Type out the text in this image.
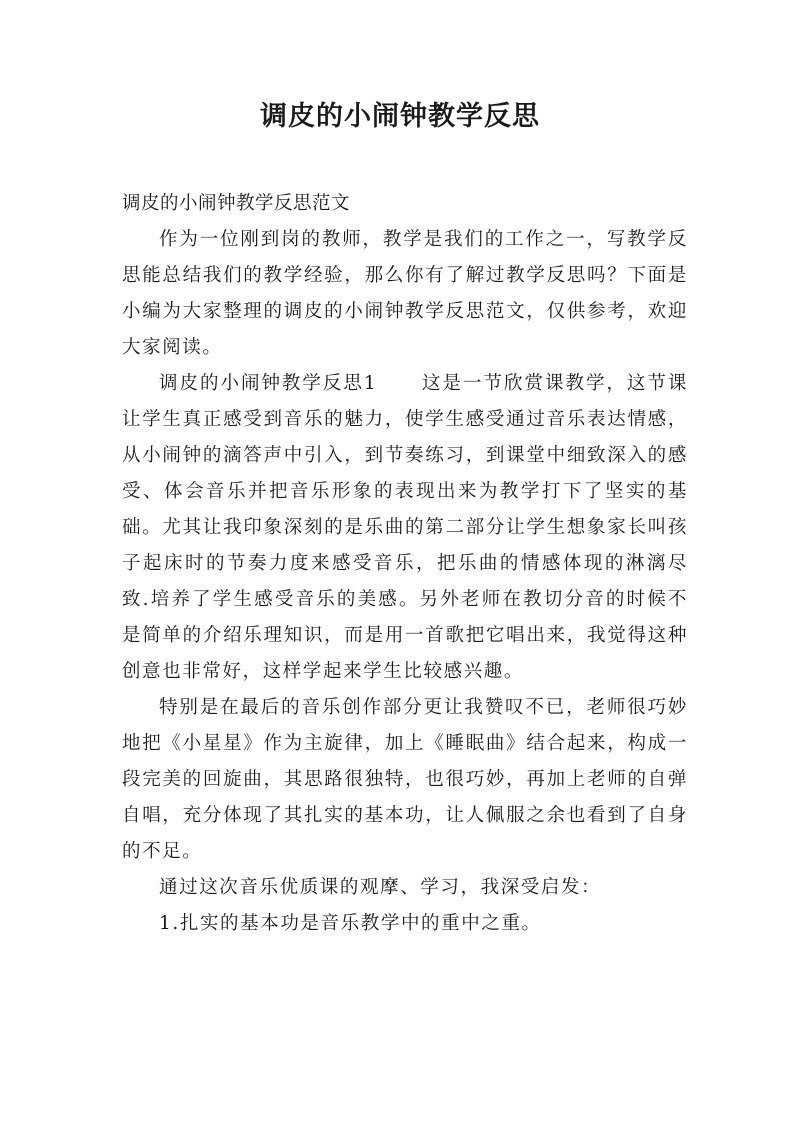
调皮的小闹钟教学反思

调皮的小闹钟教学反思范文

作为一位刚到岗的教师，教学是我们的工作之一，写教学反思能总结我们的教学经验，那么你有了解过教学反思吗？下面是小编为大家整理的调皮的小闹钟教学反思范文，仅供参考，欢迎大家阅读。

调皮的小闹钟教学反思1 这是一节欣赏课教学，这节课让学生真正感受到音乐的魅力，使学生感受通过音乐表达情感，从小闹钟的滴答声中引入，到节奏练习，到课堂中细致深入的感受、体会音乐并把音乐形象的表现出来为教学打下了坚实的基础。尤其让我印象深刻的是乐曲的第二部分让学生想象家长叫孩子起床时的节奏力度来感受音乐，把乐曲的情感体现的淋漓尽致.培养了学生感受音乐的美感。另外老师在教切分音的时候不是简单的介绍乐理知识，而是用一首歌把它唱出来，我觉得这种创意也非常好，这样学起来学生比较感兴趣。

特别是在最后的音乐创作部分更让我赞叹不已，老师很巧妙地把《小星星》作为主旋律，加上《睡眠曲》结合起来，构成一段完美的回旋曲，其思路很独特，也很巧妙，再加上老师的自弹自唱，充分体现了其扎实的基本功，让人佩服之余也看到了自身的不足。

通过这次音乐优质课的观摩、学习，我深受启发：

1.扎实的基本功是音乐教学中的重中之重。
